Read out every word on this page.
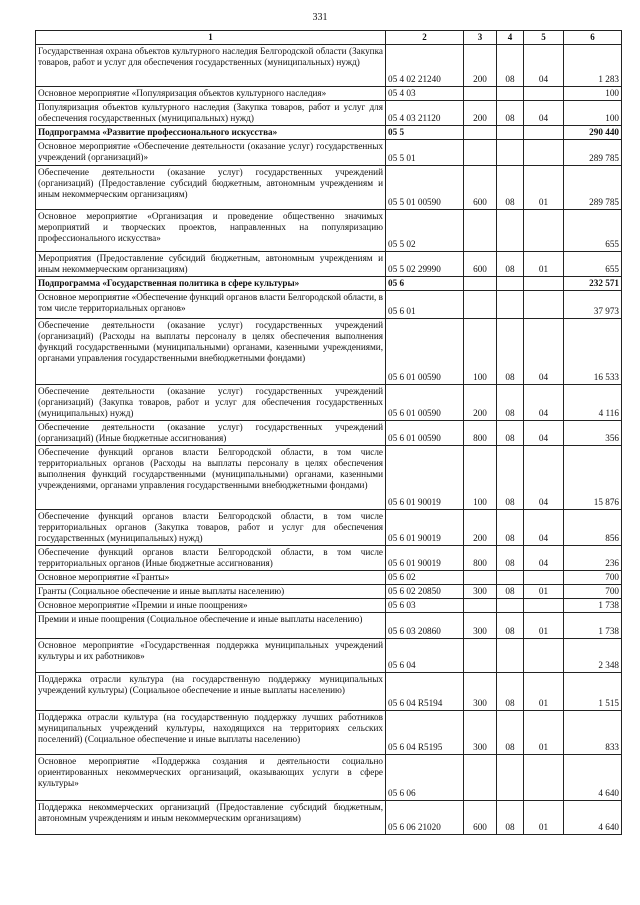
331
1	2	3	4	5	6
Государственная охрана объектов культурного наследия Белгородской области (Закупка товаров, работ и услуг для обеспечения государственных (муниципальных) нужд)	05 4 02 21240	200	08	04	1 283
Основное мероприятие «Популяризация объектов культурного наследия»	05 4 03				100
Популяризация объектов культурного наследия (Закупка товаров, работ и услуг для обеспечения государственных (муниципальных) нужд)	05 4 03 21120	200	08	04	100
Подпрограмма «Развитие профессионального искусства»	05 5				290 440
Основное мероприятие «Обеспечение деятельности (оказание услуг) государственных учреждений (организаций)»	05 5 01				289 785
Обеспечение деятельности (оказание услуг) государственных учреждений (организаций) (Предоставление субсидий бюджетным, автономным учреждениям и иным некоммерческим организациям)	05 5 01 00590	600	08	01	289 785
Основное мероприятие «Организация и проведение общественно значимых мероприятий и творческих проектов, направленных на популяризацию профессионального искусства»	05 5 02				655
Мероприятия (Предоставление субсидий бюджетным, автономным учреждениям и иным некоммерческим организациям)	05 5 02 29990	600	08	01	655
Подпрограмма «Государственная политика в сфере культуры»	05 6				232 571
Основное мероприятие «Обеспечение функций органов власти Белгородской области, в том числе территориальных органов»	05 6 01				37 973
Обеспечение деятельности (оказание услуг) государственных учреждений (организаций) (Расходы на выплаты персоналу в целях обеспечения выполнения функций государственными (муниципальными) органами, казенными учреждениями, органами управления государственными внебюджетными фондами)	05 6 01 00590	100	08	04	16 533
Обеспечение деятельности (оказание услуг) государственных учреждений (организаций) (Закупка товаров, работ и услуг для обеспечения государственных (муниципальных) нужд)	05 6 01 00590	200	08	04	4 116
Обеспечение деятельности (оказание услуг) государственных учреждений (организаций) (Иные бюджетные ассигнования)	05 6 01 00590	800	08	04	356
Обеспечение функций органов власти Белгородской области, в том числе территориальных органов (Расходы на выплаты персоналу в целях обеспечения выполнения функций государственными (муниципальными) органами, казенными учреждениями, органами управления государственными внебюджетными фондами)	05 6 01 90019	100	08	04	15 876
Обеспечение функций органов власти Белгородской области, в том числе территориальных органов (Закупка товаров, работ и услуг для обеспечения государственных (муниципальных) нужд)	05 6 01 90019	200	08	04	856
Обеспечение функций органов власти Белгородской области, в том числе территориальных органов (Иные бюджетные ассигнования)	05 6 01 90019	800	08	04	236
Основное мероприятие «Гранты»	05 6 02				700
Гранты (Социальное обеспечение и иные выплаты населению)	05 6 02 20850	300	08	01	700
Основное мероприятие «Премии и иные поощрения»	05 6 03				1 738
Премии и иные поощрения (Социальное обеспечение и иные выплаты населению)	05 6 03 20860	300	08	01	1 738
Основное мероприятие «Государственная поддержка муниципальных учреждений культуры и их работников»	05 6 04				2 348
Поддержка отрасли культура (на государственную поддержку муниципальных учреждений культуры) (Социальное обеспечение и иные выплаты населению)	05 6 04 R5194	300	08	01	1 515
Поддержка отрасли культура (на государственную поддержку лучших работников муниципальных учреждений культуры, находящихся на территориях сельских поселений) (Социальное обеспечение и иные выплаты населению)	05 6 04 R5195	300	08	01	833
Основное мероприятие «Поддержка создания и деятельности социально ориентированных некоммерческих организаций, оказывающих услуги в сфере культуры»	05 6 06				4 640
Поддержка некоммерческих организаций (Предоставление субсидий бюджетным, автономным учреждениям и иным некоммерческим организациям)	05 6 06 21020	600	08	01	4 640
